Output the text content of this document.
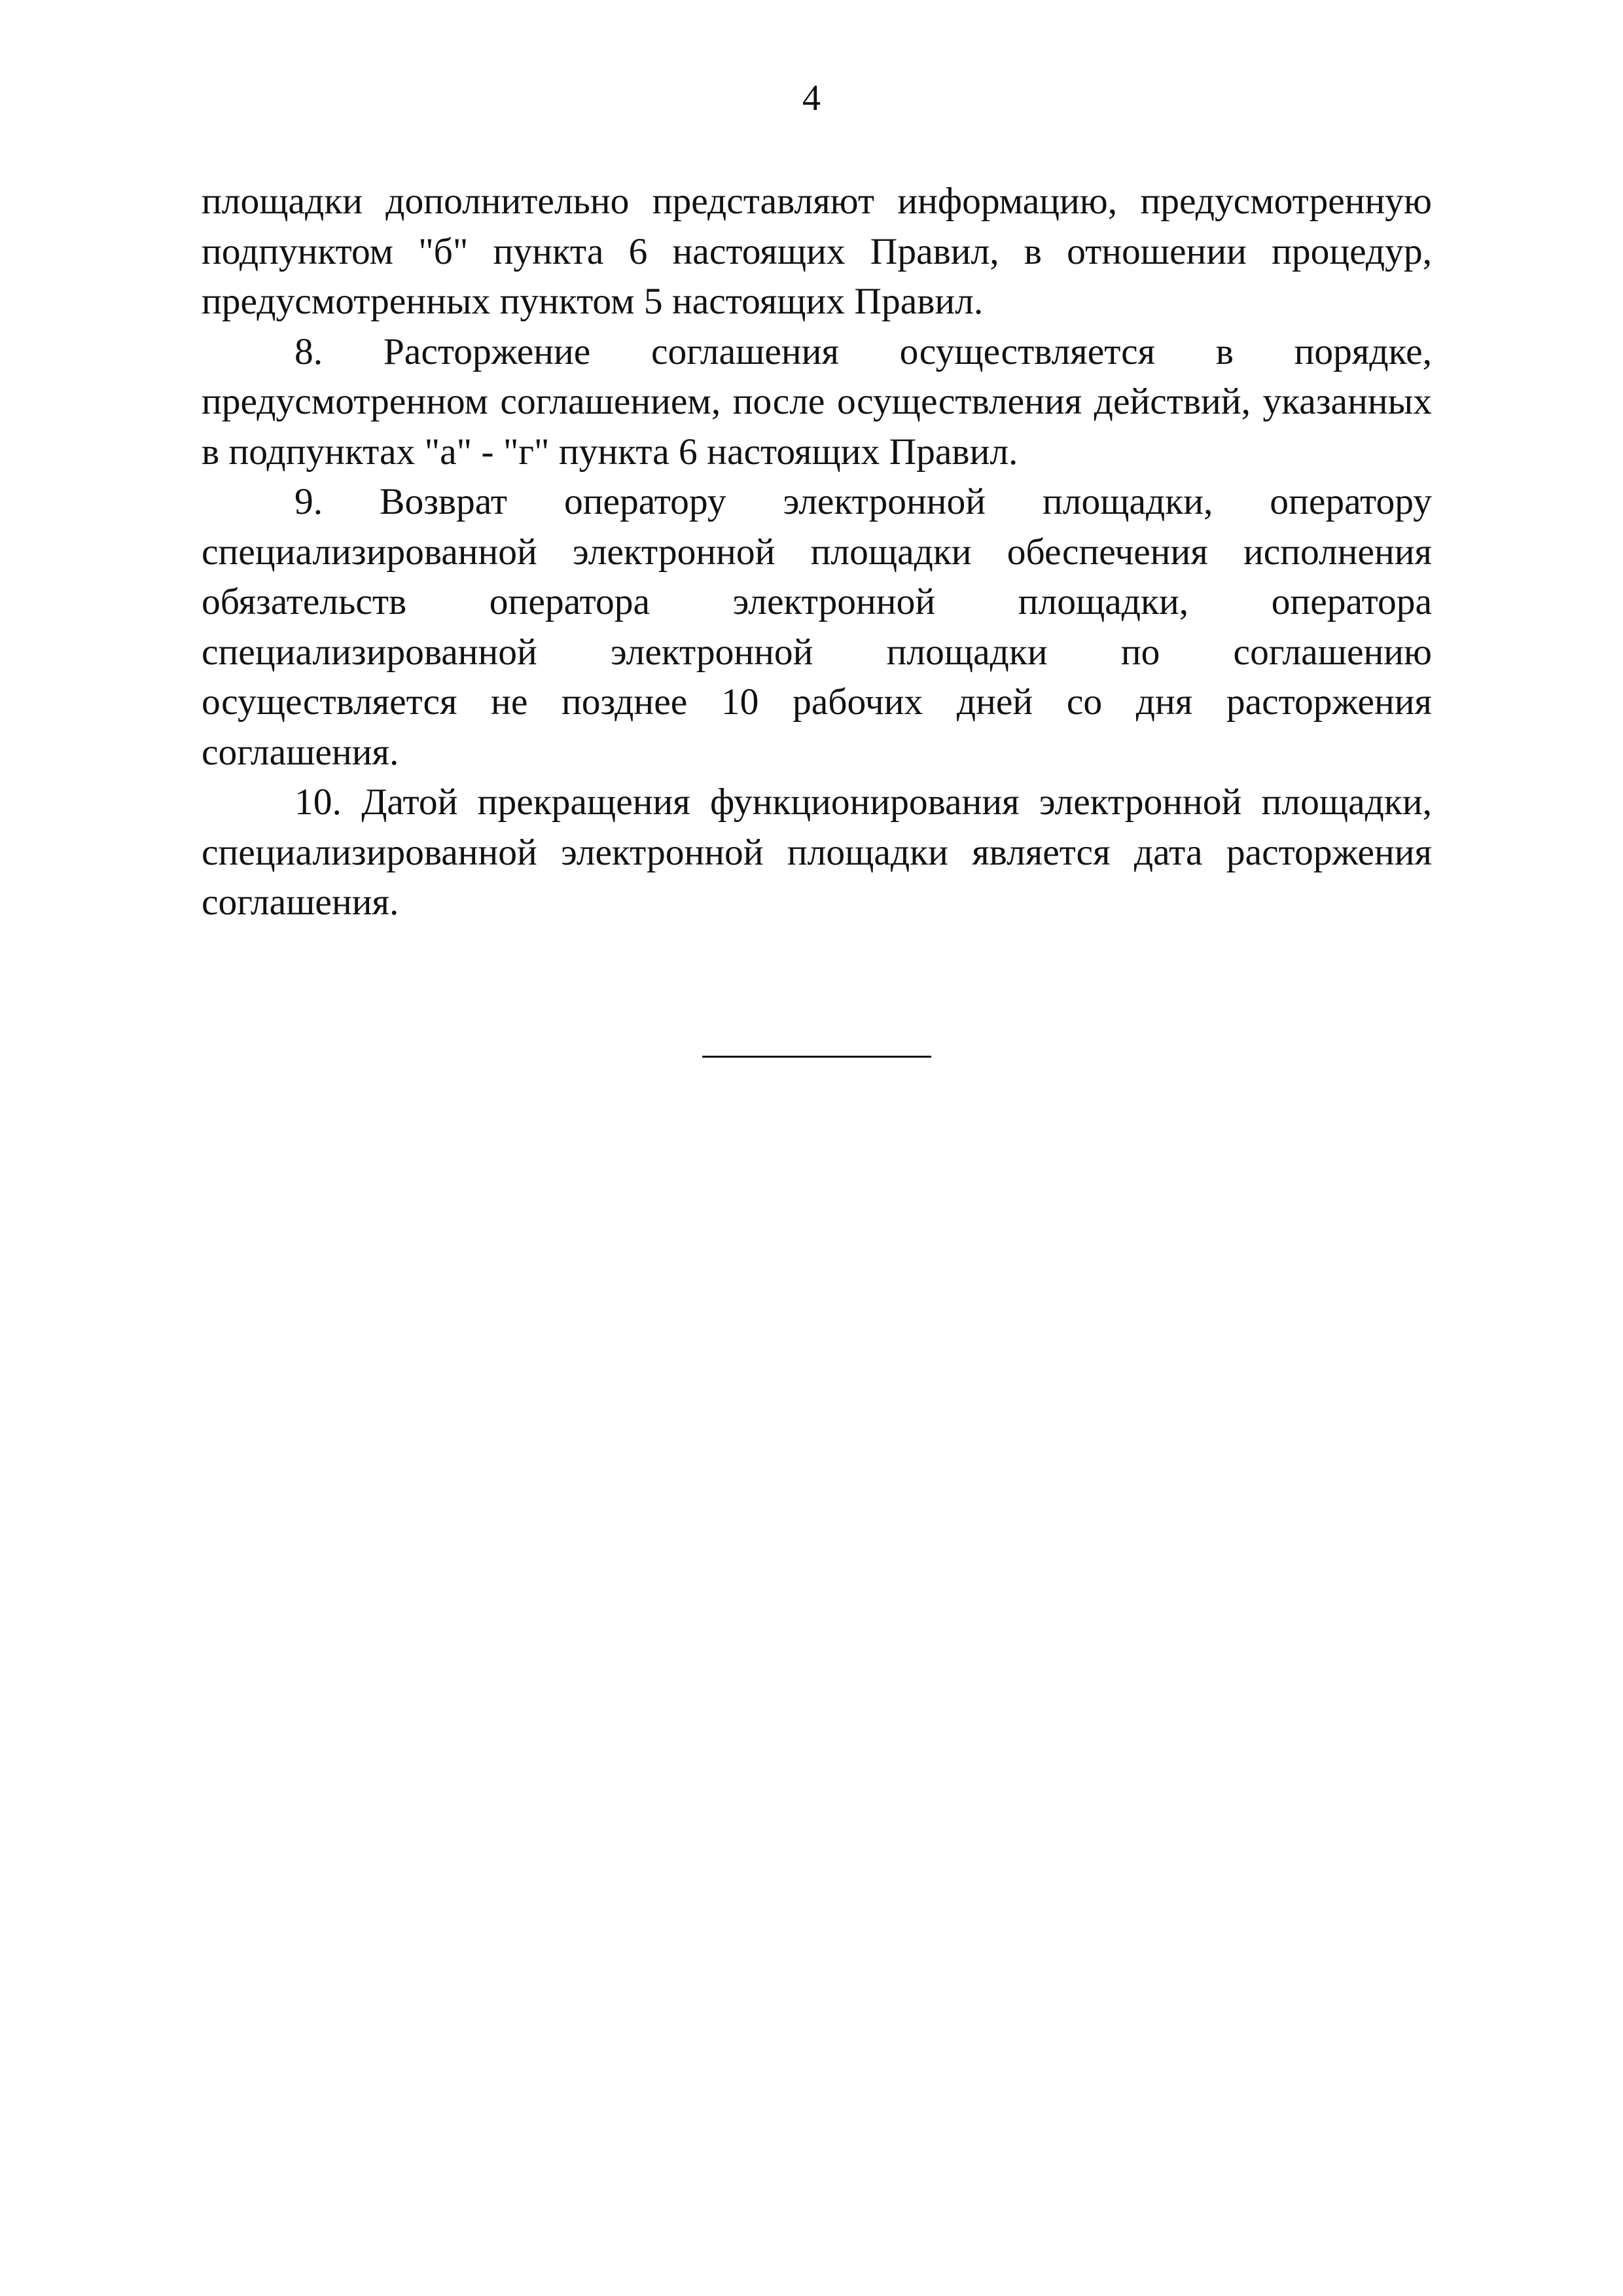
4

площадки дополнительно представляют информацию, предусмотренную подпунктом "б" пункта 6 настоящих Правил, в отношении процедур, предусмотренных пунктом 5 настоящих Правил.

8. Расторжение соглашения осуществляется в порядке, предусмотренном соглашением, после осуществления действий, указанных в подпунктах "а" - "г" пункта 6 настоящих Правил.

9. Возврат оператору электронной площадки, оператору специализированной электронной площадки обеспечения исполнения обязательств оператора электронной площадки, оператора специализированной электронной площадки по соглашению осуществляется не позднее 10 рабочих дней со дня расторжения соглашения.

10. Датой прекращения функционирования электронной площадки, специализированной электронной площадки является дата расторжения соглашения.
